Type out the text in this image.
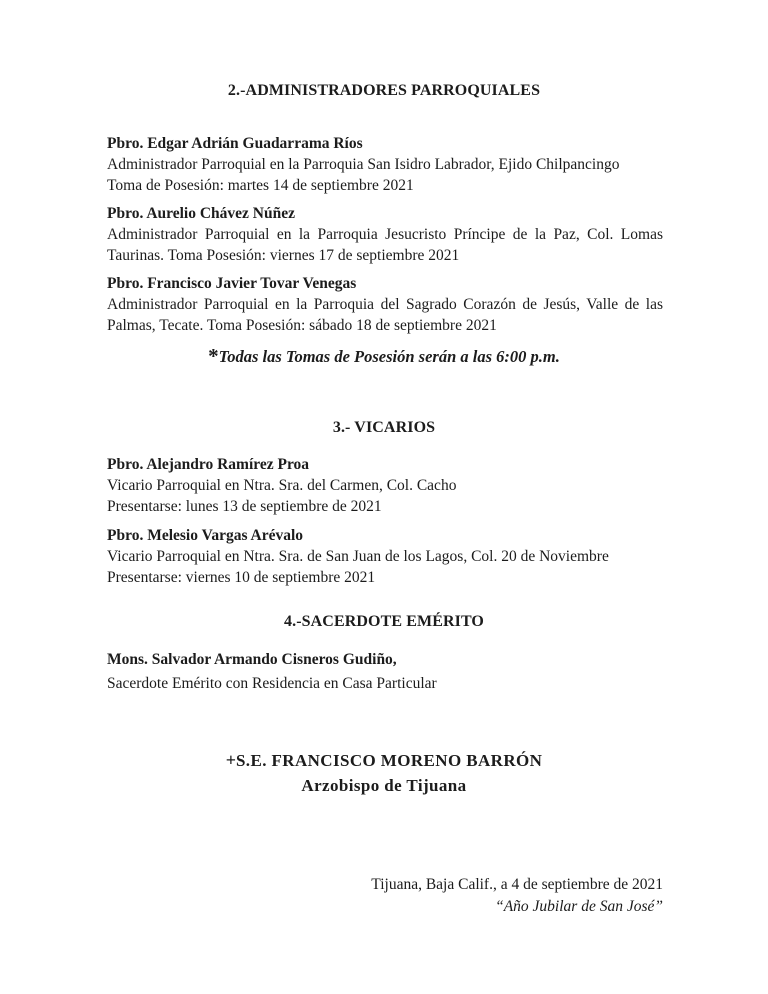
2.-ADMINISTRADORES PARROQUIALES
Pbro. Edgar Adrián Guadarrama Ríos
Administrador Parroquial en la Parroquia San Isidro Labrador, Ejido Chilpancingo
Toma de Posesión: martes 14 de septiembre 2021
Pbro. Aurelio Chávez Núñez
Administrador Parroquial en la Parroquia Jesucristo Príncipe de la Paz, Col. Lomas
Taurinas. Toma Posesión: viernes 17 de septiembre 2021
Pbro. Francisco Javier Tovar Venegas
Administrador Parroquial en la Parroquia del Sagrado Corazón de Jesús, Valle de las
Palmas, Tecate. Toma Posesión: sábado 18 de septiembre 2021
*Todas las Tomas de Posesión serán a las 6:00 p.m.
3.- VICARIOS
Pbro. Alejandro Ramírez Proa
Vicario Parroquial en Ntra. Sra. del Carmen, Col. Cacho
Presentarse: lunes 13 de septiembre de 2021
Pbro. Melesio Vargas Arévalo
Vicario Parroquial en Ntra. Sra. de San Juan de los Lagos, Col. 20 de Noviembre
Presentarse: viernes 10 de septiembre 2021
4.-SACERDOTE EMÉRITO
Mons. Salvador Armando Cisneros Gudiño,
Sacerdote Emérito con Residencia en Casa Particular
+S.E. FRANCISCO MORENO BARRÓN
Arzobispo de Tijuana
Tijuana, Baja Calif., a 4 de septiembre de 2021
“Año Jubilar de San José”
